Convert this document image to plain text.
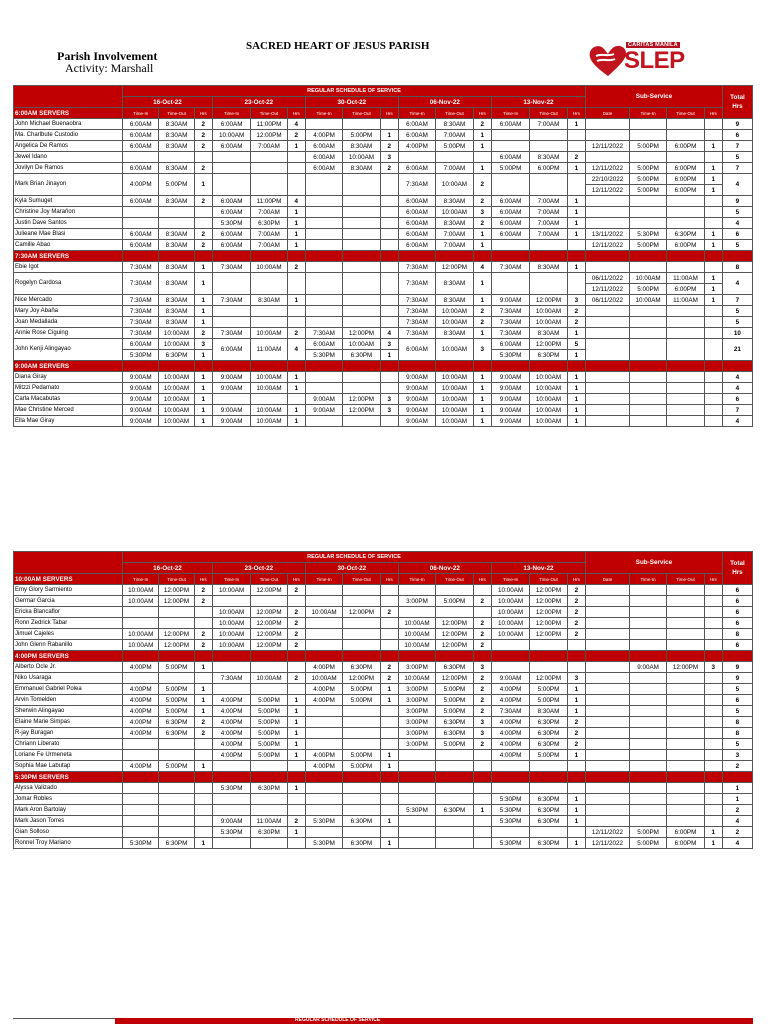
Parish Involvement
Activity: Marshall
SACRED HEART OF JESUS PARISH	CARITAS MANILA
SLEP
	REGULAR SCHEDULE OF SERVICE															Sub-Service				Total
Hrs

	16-Oct-22			23-Oct-22			30-Oct-22			06-Nov-22			13-Nov-22							
6:00AM SERVERS	Time-In	Time-Out	Hrs	Time-In	Time-Out	Hrs	Time-In	Time-Out	Hrs	Time-In	Time-Out	Hrs	Time-In	Time-Out	Hrs	Date	Time-In	Time-Out	Hrs	
John Michael Buenaobra	6:00AM	8:30AM	2	6:00AM	11:00PM	4				6:00AM	8:30AM	2	6:00AM	7:00AM	1					9
Ma. Charlbute Custodio	6:00AM	8:30AM	2	10:00AM	12:00PM	2	4:00PM	5:00PM	1	6:00AM	7:00AM	1								6
Angelica De Ramos	6:00AM	8:30AM	2	6:00AM	7:00AM	1	6:00AM	8:30AM	2	4:00PM	5:00PM	1				12/11/2022	5:00PM	6:00PM	1	7
Jewel Idano							6:00AM	10:00AM	3				6:00AM	8:30AM	2					5
Jovilyn De Ramos	6:00AM	8:30AM	2				6:00AM	8:30AM	2	6:00AM	7:00AM	1	5:00PM	6:00PM	1	12/11/2022	5:00PM	6:00PM	1	7
Mark Brian Jinayon	4:00PM	5:00PM	1							7:30AM	10:00AM	2				22/10/2022	5:00PM	6:00PM	1	4
																12/11/2022	5:00PM	6:00PM	1	
Kyla Sumuget	6:00AM	8:30AM	2	6:00AM	11:00PM	4				6:00AM	8:30AM	2	6:00AM	7:00AM	1					9
Christine Joy Maraňon				6:00AM	7:00AM	1				6:00AM	10:00AM	3	6:00AM	7:00AM	1					5
Justin Dave Santos				5:30PM	6:30PM	1				6:00AM	8:30AM	2	6:00AM	7:00AM	1					4
Julieane Mae Blasi	6:00AM	8:30AM	2	6:00AM	7:00AM	1				6:00AM	7:00AM	1	6:00AM	7:00AM	1	13/11/2022	5:30PM	6:30PM	1	6
Camille Abao	6:00AM	8:30AM	2	6:00AM	7:00AM	1				6:00AM	7:00AM	1				12/11/2022	5:00PM	6:00PM	1	5
7:30AM SERVERS																				
Ebie Igot	7:30AM	8:30AM	1	7:30AM	10:00AM	2				7:30AM	12:00PM	4	7:30AM	8:30AM	1					8
Rogelyn Cardosa	7:30AM	8:30AM	1							7:30AM	8:30AM	1				06/11/2022	10:00AM	11:00AM	1	4
																12/11/2022	5:00PM	6:00PM	1	
Nice Mercado	7:30AM	8:30AM	1	7:30AM	8:30AM	1				7:30AM	8:30AM	1	9:00AM	12:00PM	3	06/11/2022	10:00AM	11:00AM	1	7
Mary Joy Abaňa	7:30AM	8:30AM	1							7:30AM	10:00AM	2	7:30AM	10:00AM	2					5
Joan Medallada	7:30AM	8:30AM	1							7:30AM	10:00AM	2	7:30AM	10:00AM	2					5
Annie Rose Ciguing	7:30AM	10:00AM	2	7:30AM	10:00AM	2	7:30AM	12:00PM	4	7:30AM	8:30AM	1	7:30AM	8:30AM	1					10
John Kenji Alingayao	6:00AM	10:00AM	3	6:00AM	11:00AM	4	6:00AM	10:00AM	3	6:00AM	10:00AM	3	6:00AM	12:00PM	5					21
	5:30PM	6:30PM	1				5:30PM	6:30PM	1				5:30PM	6:30PM	1					
9:00AM SERVERS																				
Diana Giray	9:00AM	10:00AM	1	9:00AM	10:00AM	1				9:00AM	10:00AM	1	9:00AM	10:00AM	1					4
Mitzzi Pedamato	9:00AM	10:00AM	1	9:00AM	10:00AM	1				9:00AM	10:00AM	1	9:00AM	10:00AM	1					4
Carla Macabutas	9:00AM	10:00AM	1				9:00AM	12:00PM	3	9:00AM	10:00AM	1	9:00AM	10:00AM	1					6
Mae Christine Merced	9:00AM	10:00AM	1	9:00AM	10:00AM	1	9:00AM	12:00PM	3	9:00AM	10:00AM	1	9:00AM	10:00AM	1					7
Ella Mae Giray	9:00AM	10:00AM	1	9:00AM	10:00AM	1				9:00AM	10:00AM	1	9:00AM	10:00AM	1					4
	REGULAR SCHEDULE OF SERVICE															Sub-Service				Total
Hrs

	16-Oct-22			23-Oct-22			30-Oct-22			06-Nov-22			13-Nov-22							
10:00AM SERVERS	Time-In	Time-Out	Hrs	Time-In	Time-Out	Hrs	Time-In	Time-Out	Hrs	Time-In	Time-Out	Hrs	Time-In	Time-Out	Hrs	Date	Time-In	Time-Out	Hrs	
Emy Glory Sarmiento	10:00AM	12:00PM	2	10:00AM	12:00PM	2							10:00AM	12:00PM	2					6
Germar Garcia	10:00AM	12:00PM	2							3:00PM	5:00PM	2	10:00AM	12:00PM	2					6
Ericka Blancaflor				10:00AM	12:00PM	2	10:00AM	12:00PM	2				10:00AM	12:00PM	2					6
Ronn Zedrick Tabar				10:00AM	12:00PM	2				10:00AM	12:00PM	2	10:00AM	12:00PM	2					6
Jimuel Cajeles	10:00AM	12:00PM	2	10:00AM	12:00PM	2				10:00AM	12:00PM	2	10:00AM	12:00PM	2					8
John Glenn Rabanillo	10:00AM	12:00PM	2	10:00AM	12:00PM	2				10:00AM	12:00PM	2								6
4:00PM SERVERS																				
Alberto Ocle Jr.	4:00PM	5:00PM	1				4:00PM	6:30PM	2	3:00PM	6:30PM	3					9:00AM	12:00PM	3	9
Niko Usaraga				7:30AM	10:00AM	2	10:00AM	12:00PM	2	10:00AM	12:00PM	2	9:00AM	12:00PM	3					9
Emmanuel Gabriel Polea	4:00PM	5:00PM	1				4:00PM	5:00PM	1	3:00PM	5:00PM	2	4:00PM	5:00PM	1					5
Arvin Tomelden	4:00PM	5:00PM	1	4:00PM	5:00PM	1	4:00PM	5:00PM	1	3:00PM	5:00PM	2	4:00PM	5:00PM	1					6
Sherwin Alingayao	4:00PM	5:00PM	1	4:00PM	5:00PM	1				3:00PM	5:00PM	2	7:30AM	8:30AM	1					5
Elaine Marie Simpas	4:00PM	6:30PM	2	4:00PM	5:00PM	1				3:00PM	6:30PM	3	4:00PM	6:30PM	2					8
R-jay Buragan	4:00PM	6:30PM	2	4:00PM	5:00PM	1				3:00PM	6:30PM	3	4:00PM	6:30PM	2					8
Chriann Liberato				4:00PM	5:00PM	1				3:00PM	5:00PM	2	4:00PM	6:30PM	2					5
Loriane Fe Urmeneta				4:00PM	5:00PM	1	4:00PM	5:00PM	1				4:00PM	5:00PM	1					3
Sophia Mae Labutap	4:00PM	5:00PM	1				4:00PM	5:00PM	1											2
5:30PM SERVERS																				
Alyssa Valizado				5:30PM	6:30PM	1														1
Jomar Robles													5:30PM	6:30PM	1					1
Mark Aron Bartolay										5:30PM	6:30PM	1	5:30PM	6:30PM	1					2
Mark Jason Torres				9:00AM	11:00AM	2	5:30PM	6:30PM	1				5:30PM	6:30PM	1					4
Gian Solloso				5:30PM	6:30PM	1										12/11/2022	5:00PM	6:00PM	1	2
Ronnel Troy Mariano	5:30PM	6:30PM	1				5:30PM	6:30PM	1				5:30PM	6:30PM	1	12/11/2022	5:00PM	6:00PM	1	4
REGULAR SCHEDULE OF SERVICE
